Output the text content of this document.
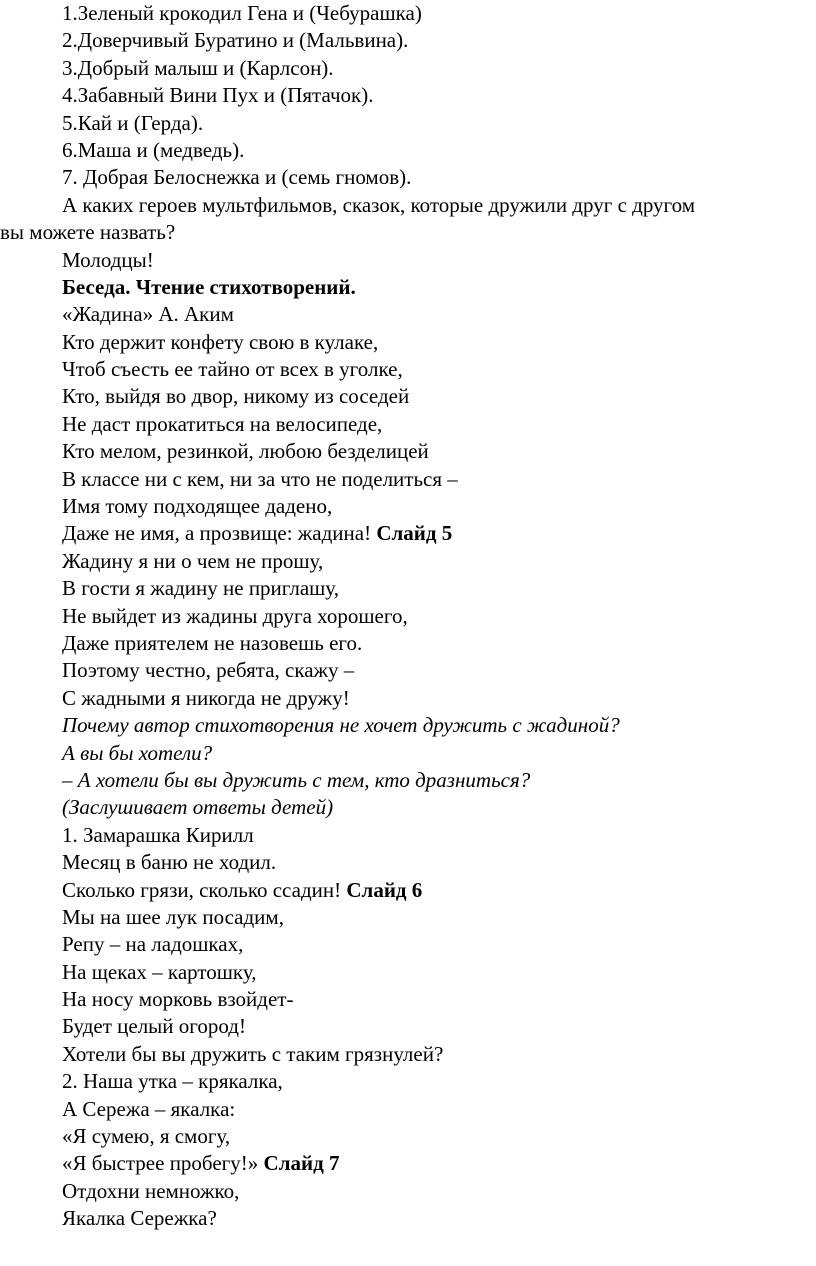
1.Зеленый крокодил Гена и (Чебурашка)
2.Доверчивый Буратино и (Мальвина).
3.Добрый малыш и (Карлсон).
4.Забавный Вини Пух и (Пятачок).
5.Кай и (Герда).
6.Маша и (медведь).
7. Добрая Белоснежка и (семь гномов).
А каких героев мультфильмов, сказок, которые дружили друг с другом
вы можете назвать?
Молодцы!
Беседа. Чтение стихотворений.
«Жадина» А. Аким
Кто держит конфету свою в кулаке,
Чтоб съесть ее тайно от всех в уголке,
Кто, выйдя во двор, никому из соседей
Не даст прокатиться на велосипеде,
Кто мелом, резинкой, любою безделицей
В классе ни с кем, ни за что не поделиться –
Имя тому подходящее дадено,
Даже не имя, а прозвище: жадина! Слайд 5
Жадину я ни о чем не прошу,
В гости я жадину не приглашу,
Не выйдет из жадины друга хорошего,
Даже приятелем не назовешь его.
Поэтому честно, ребята, скажу –
С жадными я никогда не дружу!
Почему автор стихотворения не хочет дружить с жадиной?
А вы бы хотели?
– А хотели бы вы дружить с тем, кто дразниться?
(Заслушивает ответы детей)
1. Замарашка Кирилл
Месяц в баню не ходил.
Сколько грязи, сколько ссадин! Слайд 6
Мы на шее лук посадим,
Репу – на ладошках,
На щеках – картошку,
На носу морковь взойдет-
Будет целый огород!
Хотели бы вы дружить с таким грязнулей?
2. Наша утка – крякалка,
А Сережа – якалка:
«Я сумею, я смогу,
«Я быстрее пробегу!» Слайд 7
Отдохни немножко,
Якалка Сережка?
